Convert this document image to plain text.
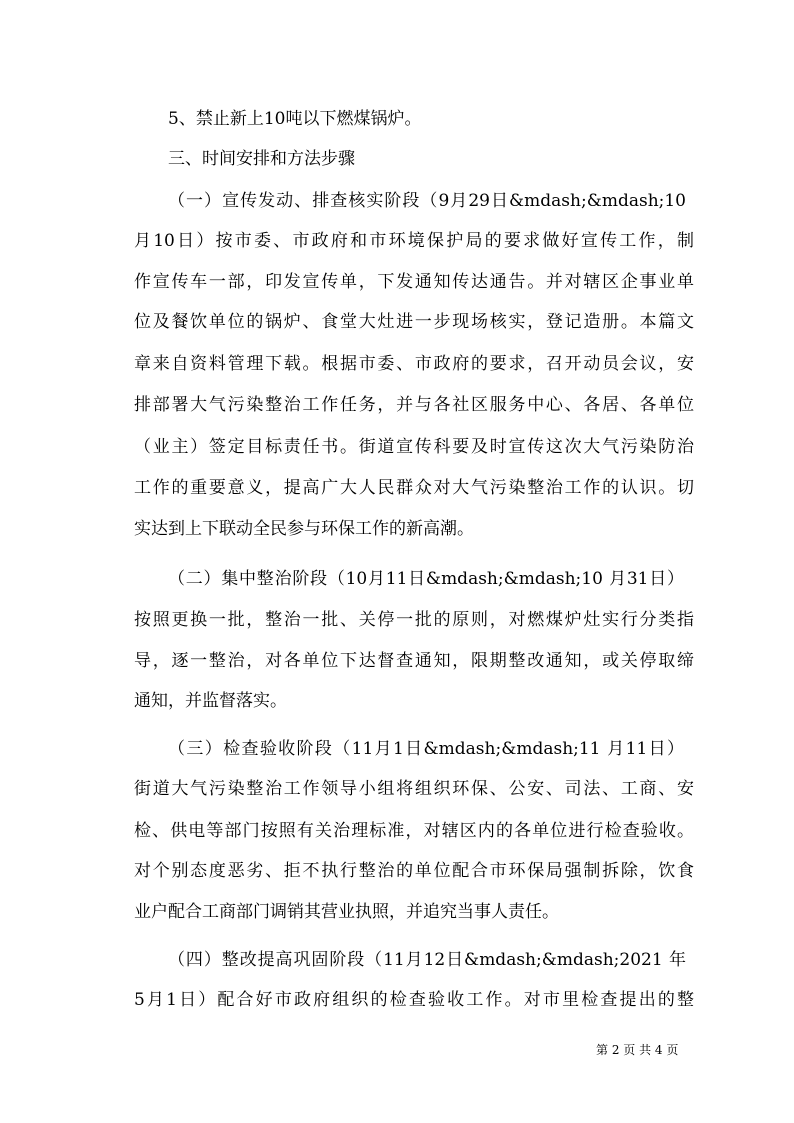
5、禁止新上10吨以下燃煤锅炉。
三、时间安排和方法步骤
（一）宣传发动、排查核实阶段（9月29日&mdash;&mdash;10
月10日）按市委、市政府和市环境保护局的要求做好宣传工作，制
作宣传车一部，印发宣传单，下发通知传达通告。并对辖区企事业单
位及餐饮单位的锅炉、食堂大灶进一步现场核实，登记造册。本篇文
章来自资料管理下载。根据市委、市政府的要求，召开动员会议，安
排部署大气污染整治工作任务，并与各社区服务中心、各居、各单位
（业主）签定目标责任书。街道宣传科要及时宣传这次大气污染防治
工作的重要意义，提高广大人民群众对大气污染整治工作的认识。切
实达到上下联动全民参与环保工作的新高潮。
（二）集中整治阶段（10月11日&mdash;&mdash;10 月31日）
按照更换一批，整治一批、关停一批的原则，对燃煤炉灶实行分类指
导，逐一整治，对各单位下达督查通知，限期整改通知，或关停取缔
通知，并监督落实。
（三）检查验收阶段（11月1日&mdash;&mdash;11 月11日）
街道大气污染整治工作领导小组将组织环保、公安、司法、工商、安
检、供电等部门按照有关治理标准，对辖区内的各单位进行检查验收。
对个别态度恶劣、拒不执行整治的单位配合市环保局强制拆除，饮食
业户配合工商部门调销其营业执照，并追究当事人责任。
（四）整改提高巩固阶段（11月12日&mdash;&mdash;2021 年
5月1日）配合好市政府组织的检查验收工作。对市里检查提出的整
第 2 页 共 4 页
